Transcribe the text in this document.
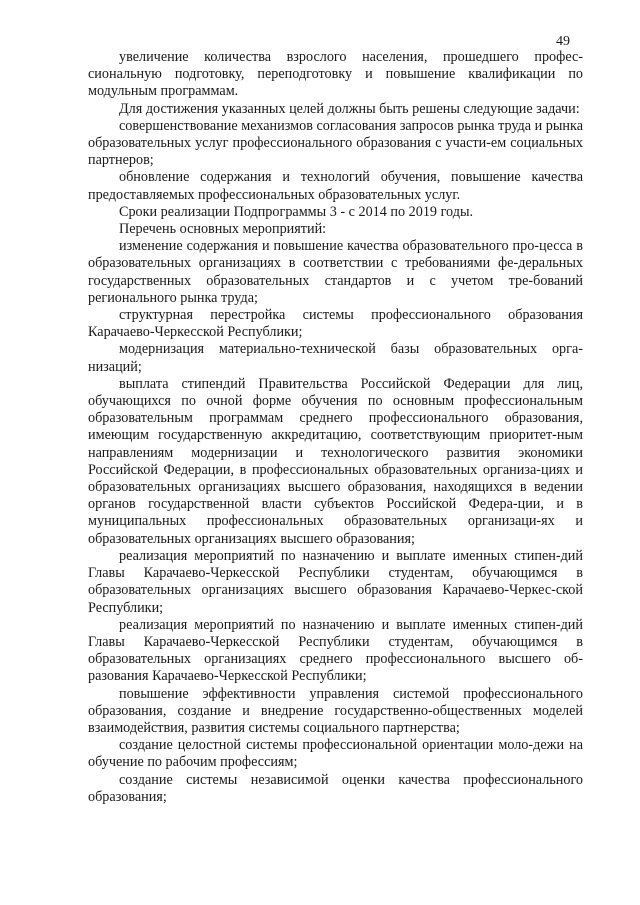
49

увеличение количества взрослого населения, прошедшего профес-сиональную подготовку, переподготовку и повышение квалификации по модульным программам.

Для достижения указанных целей должны быть решены следующие задачи:

совершенствование механизмов согласования запросов рынка труда и рынка образовательных услуг профессионального образования с участи-ем социальных партнеров;

обновление содержания и технологий обучения, повышение качества предоставляемых профессиональных образовательных услуг.

Сроки реализации Подпрограммы 3 - с 2014 по 2019 годы.

Перечень основных мероприятий:

изменение содержания и повышение качества образовательного про-цесса в образовательных организациях в соответствии с требованиями фе-деральных государственных образовательных стандартов и с учетом тре-бований регионального рынка труда;

структурная перестройка системы профессионального образования Карачаево-Черкесской Республики;

модернизация материально-технической базы образовательных орга-низаций;

выплата стипендий Правительства Российской Федерации для лиц, обучающихся по очной форме обучения по основным профессиональным образовательным программам среднего профессионального образования, имеющим государственную аккредитацию, соответствующим приоритет-ным направлениям модернизации и технологического развития экономики Российской Федерации, в профессиональных образовательных организа-циях и образовательных организациях высшего образования, находящихся в ведении органов государственной власти субъектов Российской Федера-ции, и в муниципальных профессиональных образовательных организаци-ях и образовательных организациях высшего образования;

реализация мероприятий по назначению и выплате именных стипен-дий Главы Карачаево-Черкесской Республики студентам, обучающимся в образовательных организациях высшего образования Карачаево-Черкес-ской Республики;

реализация мероприятий по назначению и выплате именных стипен-дий Главы Карачаево-Черкесской Республики студентам, обучающимся в образовательных организациях среднего профессионального высшего об-разования Карачаево-Черкесской Республики;

повышение эффективности управления системой профессионального образования, создание и внедрение государственно-общественных моделей взаимодействия, развития системы социального партнерства;

создание целостной системы профессиональной ориентации моло-дежи на обучение по рабочим профессиям;

создание системы независимой оценки качества профессионального образования;
